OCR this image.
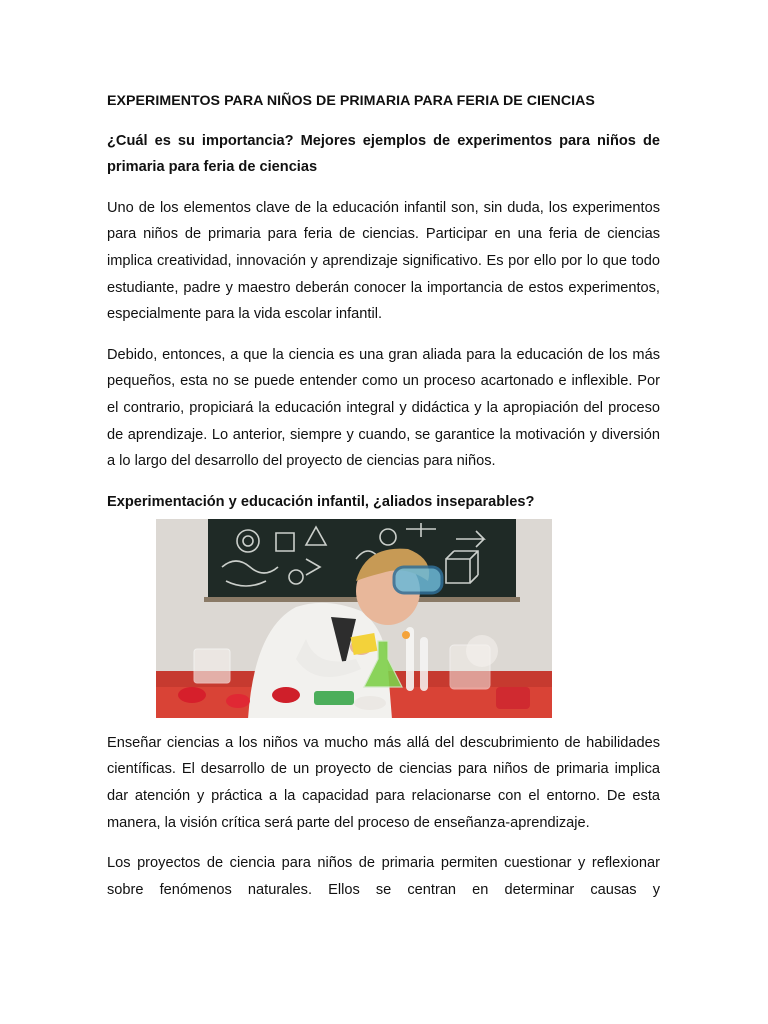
EXPERIMENTOS PARA NIÑOS DE PRIMARIA PARA FERIA DE CIENCIAS
¿Cuál es su importancia? Mejores ejemplos de experimentos para niños de primaria para feria de ciencias

Uno de los elementos clave de la educación infantil son, sin duda, los experimentos para niños de primaria para feria de ciencias. Participar en una feria de ciencias implica creatividad, innovación y aprendizaje significativo. Es por ello por lo que todo estudiante, padre y maestro deberán conocer la importancia de estos experimentos, especialmente para la vida escolar infantil.

Debido, entonces, a que la ciencia es una gran aliada para la educación de los más pequeños, esta no se puede entender como un proceso acartonado e inflexible. Por el contrario, propiciará la educación integral y didáctica y la apropiación del proceso de aprendizaje. Lo anterior, siempre y cuando, se garantice la motivación y diversión a lo largo del desarrollo del proyecto de ciencias para niños.

Experimentación y educación infantil, ¿aliados inseparables?

Enseñar ciencias a los niños va mucho más allá del descubrimiento de habilidades científicas. El desarrollo de un proyecto de ciencias para niños de primaria implica dar atención y práctica a la capacidad para relacionarse con el entorno. De esta manera, la visión crítica será parte del proceso de enseñanza-aprendizaje.

Los proyectos de ciencia para niños de primaria permiten cuestionar y reflexionar sobre fenómenos naturales. Ellos se centran en determinar causas y
